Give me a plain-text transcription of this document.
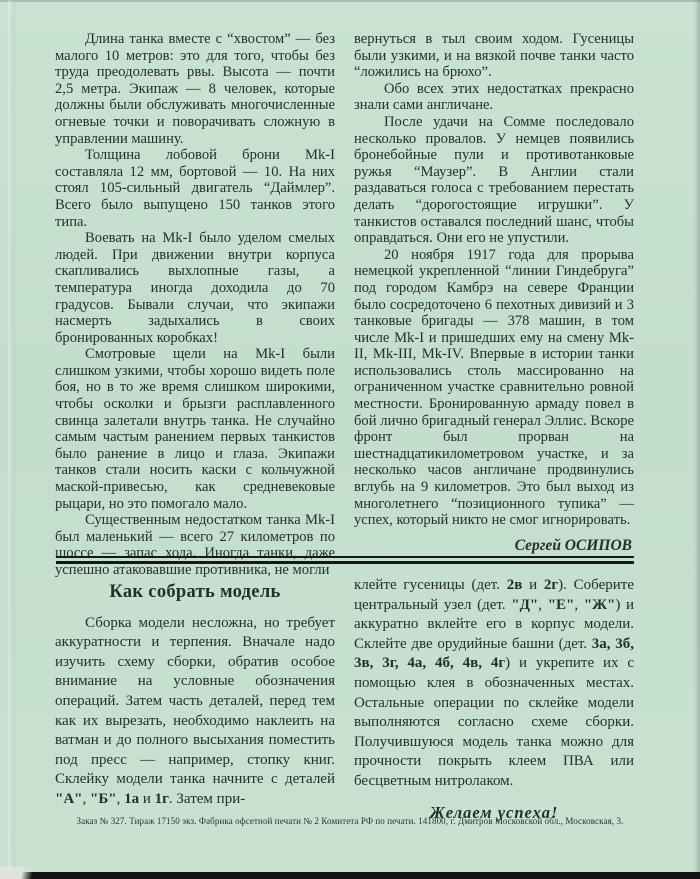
Длина танка вместе с “хвостом” — без малого 10 метров: это для того, чтобы без труда преодолевать рвы. Высота — почти 2,5 метра. Экипаж — 8 человек, которые должны были обслуживать многочисленные огневые точки и поворачивать сложную в управлении машину.

Толщина лобовой брони Mk-I составляла 12 мм, бортовой — 10. На них стоял 105-сильный двигатель “Даймлер”. Всего было выпущено 150 танков этого типа.

Воевать на Mk-I было уделом смелых людей. При движении внутри корпуса скапливались выхлопные газы, а температура иногда доходила до 70 градусов. Бывали случаи, что экипажи насмерть задыхались в своих бронированных коробках!

Смотровые щели на Mk-I были слишком узкими, чтобы хорошо видеть поле боя, но в то же время слишком широкими, чтобы осколки и брызги расплавленного свинца залетали внутрь танка. Не случайно самым частым ранением первых танкистов было ранение в лицо и глаза. Экипажи танков стали носить каски с кольчужной маской-привесью, как средневековые рыцари, но это помогало мало.

Существенным недостатком танка Mk-I был маленький — всего 27 километров по шоссе — запас хода. Иногда танки, даже успешно атаковавшие противника, не могли

вернуться в тыл своим ходом. Гусеницы были узкими, и на вязкой почве танки часто “ложились на брюхо”.

Обо всех этих недостатках прекрасно знали сами англичане.

После удачи на Сомме последовало несколько провалов. У немцев появились бронебойные пули и противотанковые ружья “Маузер”. В Англии стали раздаваться голоса с требованием перестать делать “дорогостоящие игрушки”. У танкистов оставался последний шанс, чтобы оправдаться. Они его не упустили.

20 ноября 1917 года для прорыва немецкой укрепленной “линии Гиндебруга” под городом Камбрэ на севере Франции было сосредоточено 6 пехотных дивизий и 3 танковые бригады — 378 машин, в том числе Mk-I и пришедших ему на смену Mk-II, Mk-III, Mk-IV. Впервые в истории танки использовались столь массированно на ограниченном участке сравнительно ровной местности. Бронированную армаду повел в бой лично бригадный генерал Эллис. Вскоре фронт был прорван на шестнадцатикилометровом участке, и за несколько часов англичане продвинулись вглубь на 9 километров. Это был выход из многолетнего “позиционного тупика” — успех, который никто не смог игнорировать.

Сергей ОСИПОВ

Как собрать модель

Сборка модели несложна, но требует аккуратности и терпения. Вначале надо изучить схему сборки, обратив особое внимание на условные обозначения операций. Затем часть деталей, перед тем как их вырезать, необходимо наклеить на ватман и до полного высыхания поместить под пресс — например, стопку книг. Склейку модели танка начните с деталей "А", "Б", 1а и 1г. Затем при-

клейте гусеницы (дет. 2в и 2г). Соберите центральный узел (дет. "Д", "Е", "Ж") и аккуратно вклейте его в корпус модели. Склейте две орудийные башни (дет. 3а, 3б, 3в, 3г, 4а, 4б, 4в, 4г) и укрепите их с помощью клея в обозначенных местах. Остальные операции по склейке модели выполняются согласно схеме сборки. Получившуюся модель танка можно для прочности покрыть клеем ПВА или бесцветным нитролаком.

Желаем успеха!

Заказ № 327. Тираж 17150 экз. Фабрика офсетной печати № 2 Комитета РФ по печати. 141800, г. Дмитров Московской обл., Московская, 3.
